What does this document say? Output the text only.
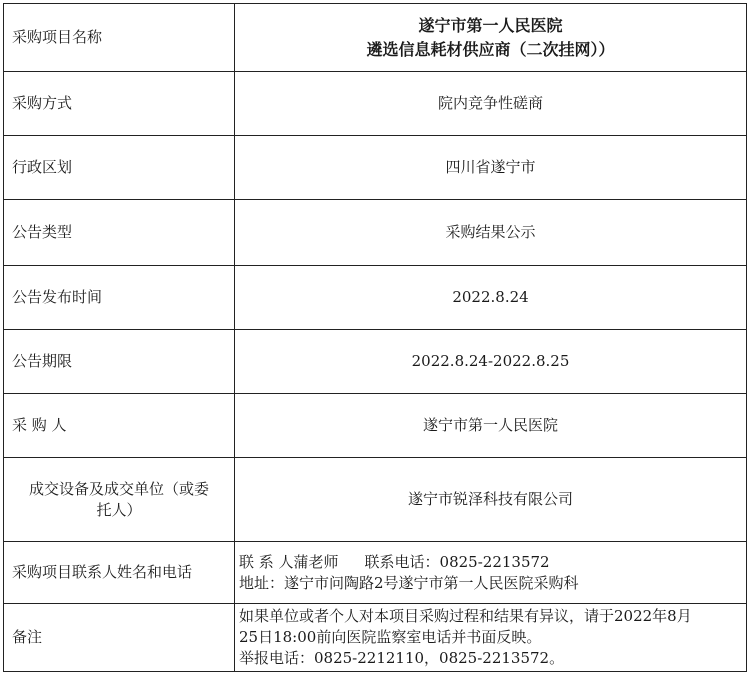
采购项目名称	遂宁市第一人民医院
遴选信息耗材供应商（二次挂网））

采购方式	院内竞争性磋商
行政区划	四川省遂宁市
公告类型	采购结果公示
公告发布时间	2022.8.24
公告期限	2022.8.24-2022.8.25
采 购 人	遂宁市第一人民医院

成交设备及成交单位（或委
托人）	遂宁市锐泽科技有限公司
采购项目联系人姓名和电话	联 系 人蒲老师 联系电话：0825-2213572
地址：遂宁市问陶路2号遂宁市第一人民医院采购科

备注	如果单位或者个人对本项目采购过程和结果有异议，请于2022年8月
25日18:00前向医院监察室电话并书面反映。
举报电话：0825-2212110，0825-2213572。
